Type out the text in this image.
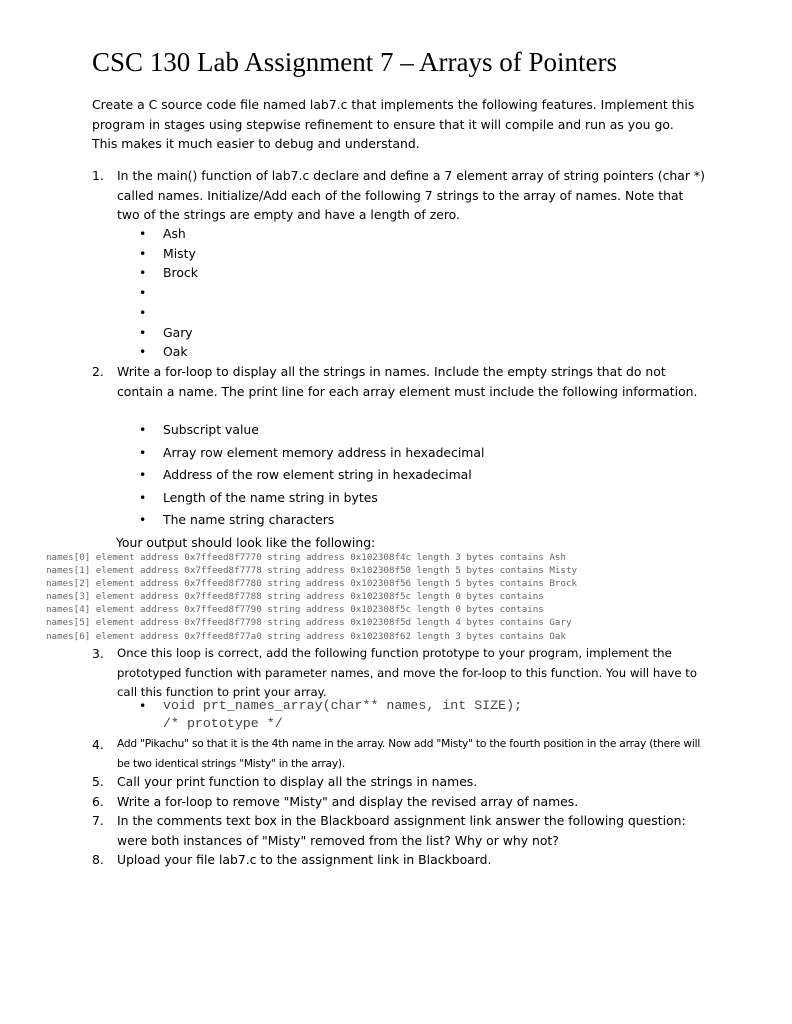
CSC 130 Lab Assignment 7 – Arrays of Pointers
Create a C source code file named lab7.c that implements the following features. Implement this program in stages using stepwise refinement to ensure that it will compile and run as you go. This makes it much easier to debug and understand.
1. In the main() function of lab7.c declare and define a 7 element array of string pointers (char *) called names. Initialize/Add each of the following 7 strings to the array of names. Note that two of the strings are empty and have a length of zero.
• Ash
• Misty
• Brock
•
•
• Gary
• Oak
2. Write a for-loop to display all the strings in names. Include the empty strings that do not contain a name. The print line for each array element must include the following information.
• Subscript value
• Array row element memory address in hexadecimal
• Address of the row element string in hexadecimal
• Length of the name string in bytes
• The name string characters
Your output should look like the following:
names[0] element address 0x7ffeed8f7770 string address 0x102308f4c length 3 bytes contains Ash
names[1] element address 0x7ffeed8f7778 string address 0x102308f50 length 5 bytes contains Misty
names[2] element address 0x7ffeed8f7780 string address 0x102308f56 length 5 bytes contains Brock
names[3] element address 0x7ffeed8f7788 string address 0x102308f5c length 0 bytes contains
names[4] element address 0x7ffeed8f7790 string address 0x102308f5c length 0 bytes contains
names[5] element address 0x7ffeed8f7798 string address 0x102308f5d length 4 bytes contains Gary
names[6] element address 0x7ffeed8f77a0 string address 0x102308f62 length 3 bytes contains Oak
3. Once this loop is correct, add the following function prototype to your program, implement the prototyped function with parameter names, and move the for-loop to this function. You will have to call this function to print your array.
• void prt_names_array(char** names, int SIZE);
/* prototype */
4. Add "Pikachu" so that it is the 4th name in the array. Now add "Misty" to the fourth position in the array (there will be two identical strings "Misty" in the array).
5. Call your print function to display all the strings in names.
6. Write a for-loop to remove "Misty" and display the revised array of names.
7. In the comments text box in the Blackboard assignment link answer the following question: were both instances of "Misty" removed from the list? Why or why not?
8. Upload your file lab7.c to the assignment link in Blackboard.
